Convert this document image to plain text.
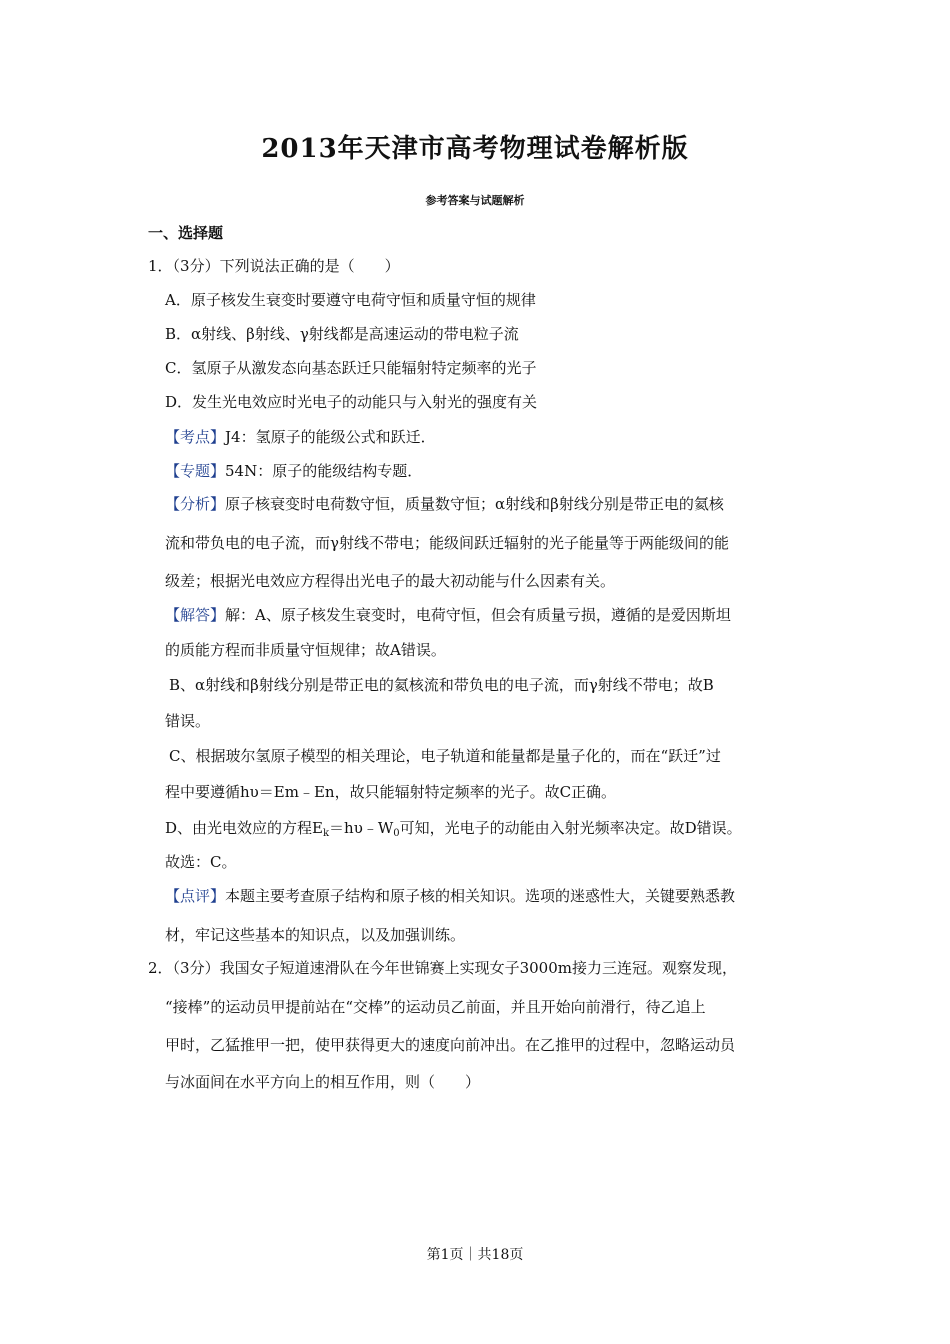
2013年天津市高考物理试卷解析版
参考答案与试题解析
一、选择题
1．（3分）下列说法正确的是（　　）
A．原子核发生衰变时要遵守电荷守恒和质量守恒的规律
B．α射线、β射线、γ射线都是高速运动的带电粒子流
C．氢原子从激发态向基态跃迁只能辐射特定频率的光子
D．发生光电效应时光电子的动能只与入射光的强度有关
【考点】J4：氢原子的能级公式和跃迁．
【专题】54N：原子的能级结构专题．
【分析】原子核衰变时电荷数守恒，质量数守恒；α射线和β射线分别是带正电的氦核
流和带负电的电子流，而γ射线不带电；能级间跃迁辐射的光子能量等于两能级间的能
级差；根据光电效应方程得出光电子的最大初动能与什么因素有关。
【解答】解：A、原子核发生衰变时，电荷守恒，但会有质量亏损，遵循的是爱因斯坦
的质能方程而非质量守恒规律；故A错误。
B、α射线和β射线分别是带正电的氦核流和带负电的电子流，而γ射线不带电；故B
错误。
C、根据玻尔氢原子模型的相关理论，电子轨道和能量都是量子化的，而在“跃迁”过
程中要遵循hυ＝Em﹣En，故只能辐射特定频率的光子。故C正确。
D、由光电效应的方程$E_k=h\upsilon﹣W_0$可知，光电子的动能由入射光频率决定。故D错误。
故选：C。
【点评】本题主要考查原子结构和原子核的相关知识。选项的迷惑性大，关键要熟悉教
材，牢记这些基本的知识点，以及加强训练。
2．（3分）我国女子短道速滑队在今年世锦赛上实现女子3000m接力三连冠。观察发现，
“接棒”的运动员甲提前站在“交棒”的运动员乙前面，并且开始向前滑行，待乙追上
甲时，乙猛推甲一把，使甲获得更大的速度向前冲出。在乙推甲的过程中，忽略运动员
与冰面间在水平方向上的相互作用，则（　　）
第1页｜共18页
